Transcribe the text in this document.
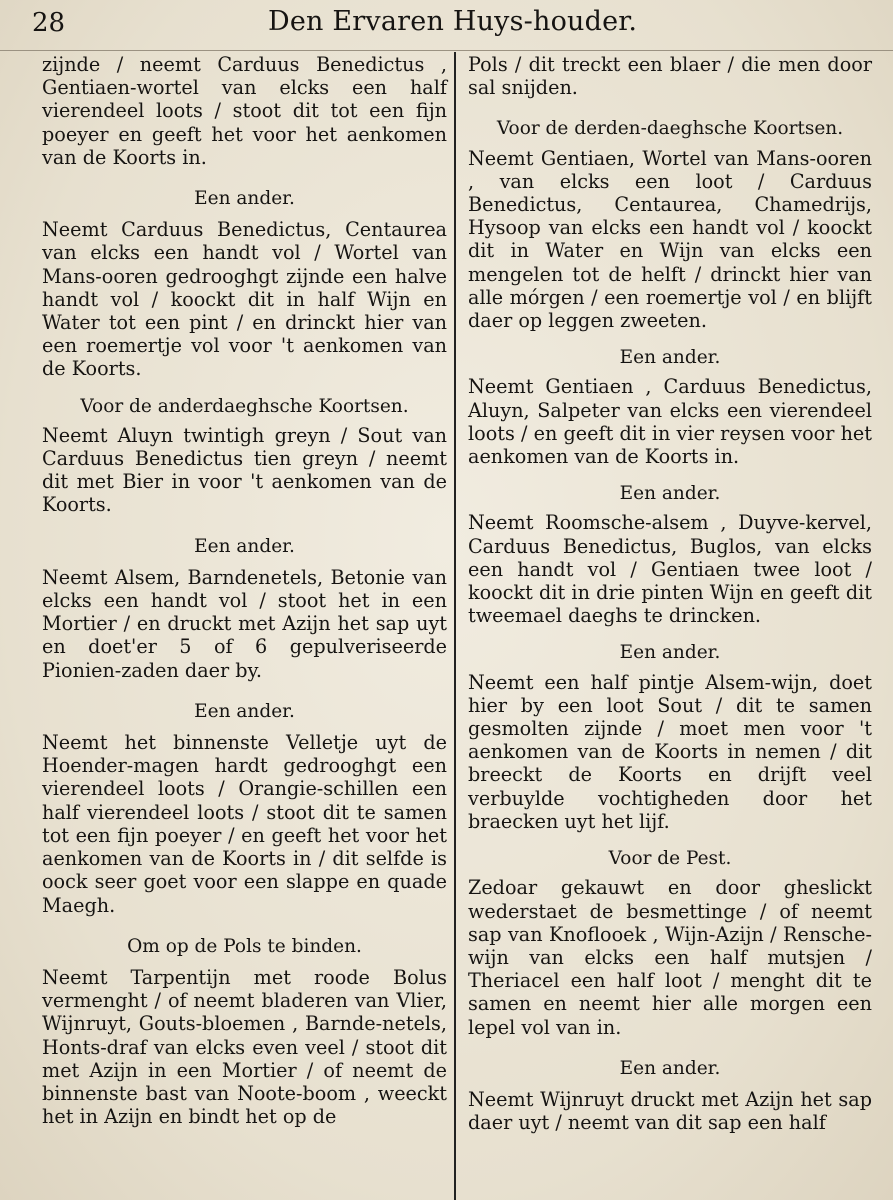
28	Den Ervaren Huys-houder.

zijnde / neemt Carduus Benedictus , Gentiaen-wortel van elcks een half vierendeel loots / stoot dit tot een fijn poeyer en geeft het voor het aenkomen van de Koorts in.

Een ander.

Neemt Carduus Benedictus, Centaurea van elcks een handt vol / Wortel van Mans-ooren gedrooghgt zijnde een halve handt vol / koockt dit in half Wijn en Water tot een pint / en drinckt hier van een roemertje vol voor 't aenkomen van de Koorts.

Voor de anderdaeghsche Koortsen.

Neemt Aluyn twintigh greyn / Sout van Carduus Benedictus tien greyn / neemt dit met Bier in voor 't aenkomen van de Koorts.

Een ander.

Neemt Alsem, Barndenetels, Betonie van elcks een handt vol / stoot het in een Mortier / en druckt met Azijn het sap uyt en doet'er 5 of 6 gepulveriseerde Pionien-zaden daer by.

Een ander.

Neemt het binnenste Velletje uyt de Hoender-magen hardt gedrooghgt een vierendeel loots / Orangie-schillen een half vierendeel loots / stoot dit te samen tot een fijn poeyer / en geeft het voor het aenkomen van de Koorts in / dit selfde is oock seer goet voor een slappe en quade Maegh.

Om op de Pols te binden.

Neemt Tarpentijn met roode Bolus vermenght / of neemt bladeren van Vlier, Wijnruyt, Gouts-bloemen , Barnde-netels, Honts-draf van elcks even veel / stoot dit met Azijn in een Mortier / of neemt de binnenste bast van Noote-boom , weeckt het in Azijn en bindt het op de

Pols / dit treckt een blaer / die men door sal snijden.

Voor de derden-daeghsche Koortsen.

Neemt Gentiaen, Wortel van Mans-ooren , van elcks een loot / Carduus Benedictus, Centaurea, Chamedrijs, Hysoop van elcks een handt vol / koockt dit in Water en Wijn van elcks een mengelen tot de helft / drinckt hier van alle mórgen / een roemertje vol / en blijft daer op leggen zweeten.

Een ander.

Neemt Gentiaen , Carduus Benedictus, Aluyn, Salpeter van elcks een vierendeel loots / en geeft dit in vier reysen voor het aenkomen van de Koorts in.

Een ander.

Neemt Roomsche-alsem , Duyve-kervel, Carduus Benedictus, Buglos, van elcks een handt vol / Gentiaen twee loot / koockt dit in drie pinten Wijn en geeft dit tweemael daeghs te drincken.

Een ander.

Neemt een half pintje Alsem-wijn, doet hier by een loot Sout / dit te samen gesmolten zijnde / moet men voor 't aenkomen van de Koorts in nemen / dit breeckt de Koorts en drijft veel verbuylde vochtigheden door het braecken uyt het lijf.

Voor de Pest.

Zedoar gekauwt en door gheslickt wederstaet de besmettinge / of neemt sap van Knoflooek , Wijn-Azijn / Rensche-wijn van elcks een half mutsjen / Theriacel een half loot / menght dit te samen en neemt hier alle morgen een lepel vol van in.

Een ander.

Neemt Wijnruyt druckt met Azijn het sap daer uyt / neemt van dit sap een half
